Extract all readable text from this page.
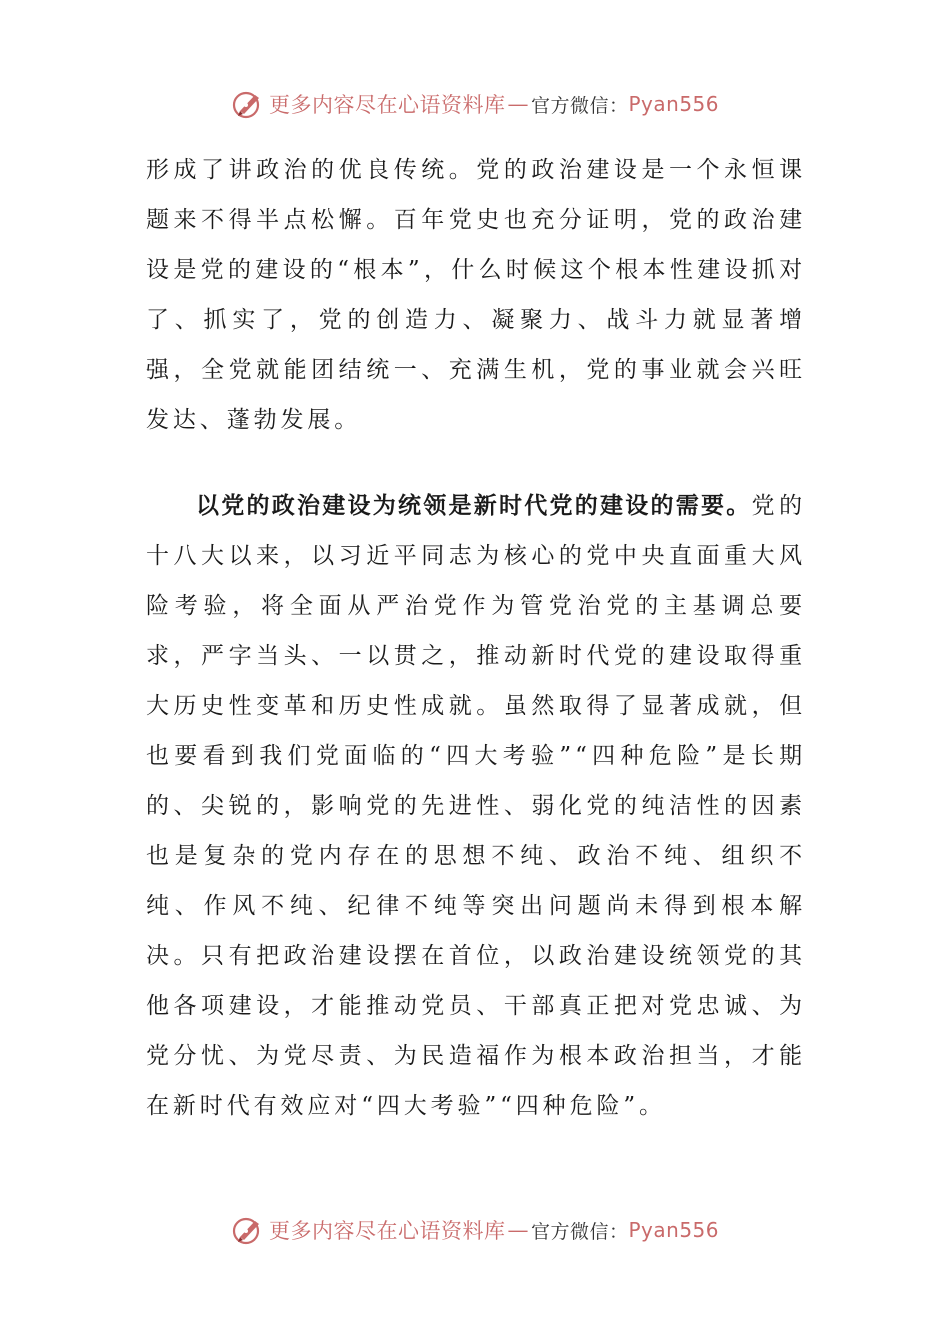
更多内容尽在心语资料库 — 官方微信： Pyan556

形成了讲政治的优良传统。党的政治建设是一个永恒课题来不得半点松懈。百年党史也充分证明，党的政治建设是党的建设的“根本”，什么时候这个根本性建设抓对了、抓实了，党的创造力、凝聚力、战斗力就显著增强，全党就能团结统一、充满生机，党的事业就会兴旺发达、蓬勃发展。

以党的政治建设为统领是新时代党的建设的需要。党的十八大以来，以习近平同志为核心的党中央直面重大风险考验，将全面从严治党作为管党治党的主基调总要求，严字当头、一以贯之，推动新时代党的建设取得重大历史性变革和历史性成就。虽然取得了显著成就，但也要看到我们党面临的“四大考验”“四种危险”是长期的、尖锐的，影响党的先进性、弱化党的纯洁性的因素也是复杂的党内存在的思想不纯、政治不纯、组织不纯、作风不纯、纪律不纯等突出问题尚未得到根本解决。只有把政治建设摆在首位，以政治建设统领党的其他各项建设，才能推动党员、干部真正把对党忠诚、为党分忧、为党尽责、为民造福作为根本政治担当，才能在新时代有效应对“四大考验”“四种危险”。

更多内容尽在心语资料库 — 官方微信： Pyan556
